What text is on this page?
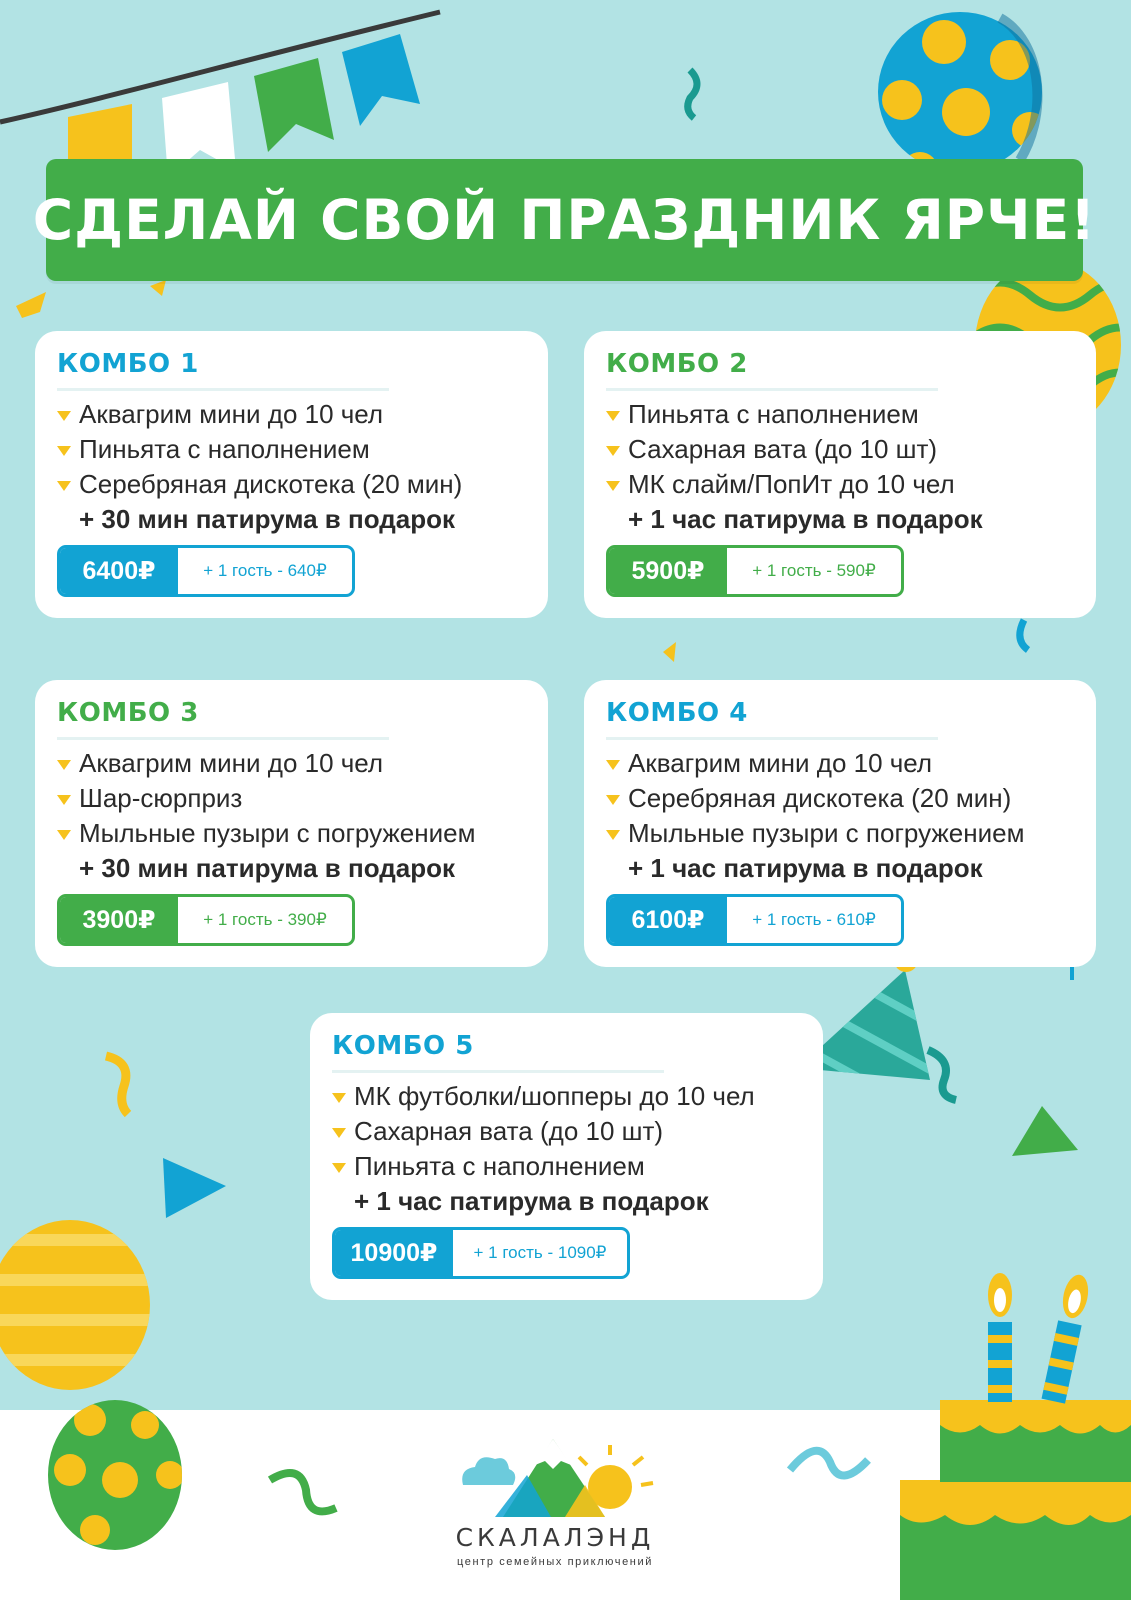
СДЕЛАЙ СВОЙ ПРАЗДНИК ЯРЧЕ!
КОМБО 1
Аквагрим мини до 10 чел
Пиньята с наполнением
Серебряная дискотека (20 мин)
+ 30 мин патирума в подарок
6400₽	+ 1 гость - 640₽
КОМБО 2
Пиньята с наполнением
Сахарная вата (до 10 шт)
МК слайм/ПопИт до 10 чел
+ 1 час патирума в подарок
5900₽	+ 1 гость - 590₽
КОМБО 3
Аквагрим мини до 10 чел
Шар-сюрприз
Мыльные пузыри с погружением
+ 30 мин патирума в подарок
3900₽	+ 1 гость - 390₽
КОМБО 4
Аквагрим мини до 10 чел
Серебряная дискотека (20 мин)
Мыльные пузыри с погружением
+ 1 час патирума в подарок
6100₽	+ 1 гость - 610₽
КОМБО 5
МК футболки/шопперы до 10 чел
Сахарная вата (до 10 шт)
Пиньята с наполнением
+ 1 час патирума в подарок
10900₽	+ 1 гость - 1090₽
СКАЛАЛЭНД
центр семейных приключений
